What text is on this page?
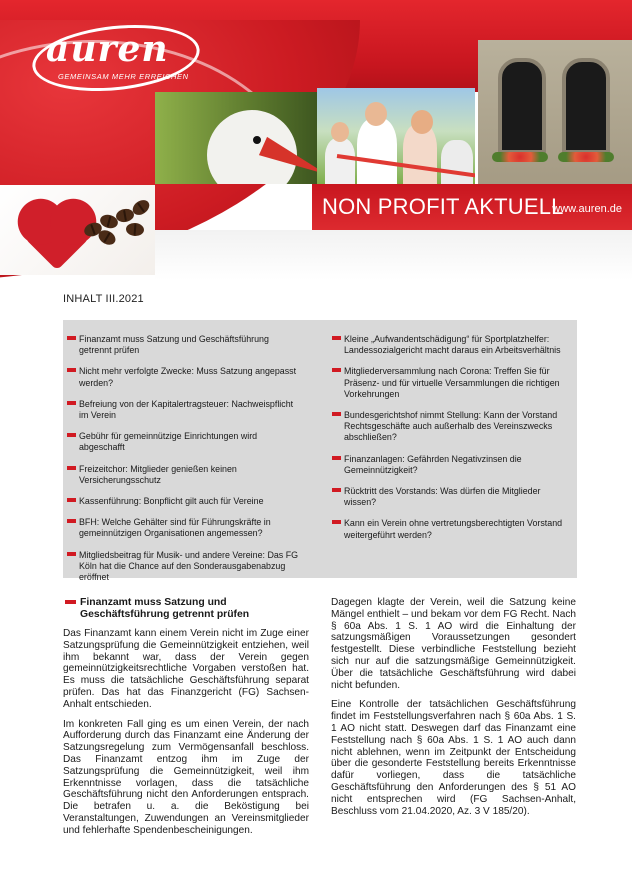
auren
GEMEINSAM MEHR ERREICHEN
NON PROFIT AKTUELL
www.auren.de
INHALT III.2021
Finanzamt muss Satzung und Geschäftsführung getrennt prüfen
Nicht mehr verfolgte Zwecke: Muss Satzung angepasst werden?
Befreiung von der Kapitalertragsteuer: Nachweispflicht im Verein
Gebühr für gemeinnützige Einrichtungen wird abgeschafft
Freizeitchor: Mitglieder genießen keinen Versicherungsschutz
Kassenführung: Bonpflicht gilt auch für Vereine
BFH: Welche Gehälter sind für Führungskräfte in gemeinnützigen Organisationen angemessen?
Mitgliedsbeitrag für Musik- und andere Vereine: Das FG Köln hat die Chance auf den Sonderausgabenabzug eröffnet
Kleine „Aufwandentschädigung“ für Sportplatzhelfer: Landessozialgericht macht daraus ein Arbeitsverhältnis
Mitgliederversammlung nach Corona: Treffen Sie für Präsenz- und für virtuelle Versammlungen die richtigen Vorkehrungen
Bundesgerichtshof nimmt Stellung: Kann der Vorstand Rechtsgeschäfte auch außerhalb des Vereinszwecks abschließen?
Finanzanlagen: Gefährden Negativzinsen die Gemeinnützigkeit?
Rücktritt des Vorstands: Was dürfen die Mitglieder wissen?
Kann ein Verein ohne vertretungsberechtigten Vorstand weitergeführt werden?
Finanzamt muss Satzung und Geschäftsführung getrennt prüfen

Das Finanzamt kann einem Verein nicht im Zuge einer Satzungsprüfung die Gemeinnützigkeit entziehen, weil ihm bekannt war, dass der Verein gegen gemeinnützigkeitsrechtliche Vorgaben verstoßen hat. Es muss die tatsächliche Geschäftsführung separat prüfen. Das hat das Finanzgericht (FG) Sachsen-Anhalt entschieden.

Im konkreten Fall ging es um einen Verein, der nach Aufforderung durch das Finanzamt eine Änderung der Satzungsregelung zum Vermögensanfall beschloss. Das Finanzamt entzog ihm im Zuge der Satzungsprüfung die Gemeinnützigkeit, weil ihm Erkenntnisse vorlagen, dass die tatsächliche Geschäftsführung nicht den Anforderungen entsprach. Die betrafen u. a. die Beköstigung bei Veranstaltungen, Zuwendungen an Vereinsmitglieder und fehlerhafte Spendenbescheinigungen.

Dagegen klagte der Verein, weil die Satzung keine Mängel enthielt – und bekam vor dem FG Recht. Nach § 60a Abs. 1 S. 1 AO wird die Einhaltung der satzungsmäßigen Voraussetzungen gesondert festgestellt. Diese verbindliche Feststellung bezieht sich nur auf die satzungsmäßige Gemeinnützigkeit. Über die tatsächliche Geschäftsführung wird dabei nicht befunden.

Eine Kontrolle der tatsächlichen Geschäftsführung findet im Feststellungsverfahren nach § 60a Abs. 1 S. 1 AO nicht statt. Deswegen darf das Finanzamt eine Feststellung nach § 60a Abs. 1 S. 1 AO auch dann nicht ablehnen, wenn im Zeitpunkt der Entscheidung über die gesonderte Feststellung bereits Erkenntnisse dafür vorliegen, dass die tatsächliche Geschäftsführung den Anforderungen des § 51 AO nicht entsprechen wird (FG Sachsen-Anhalt, Beschluss vom 21.04.2020, Az. 3 V 185/20).
